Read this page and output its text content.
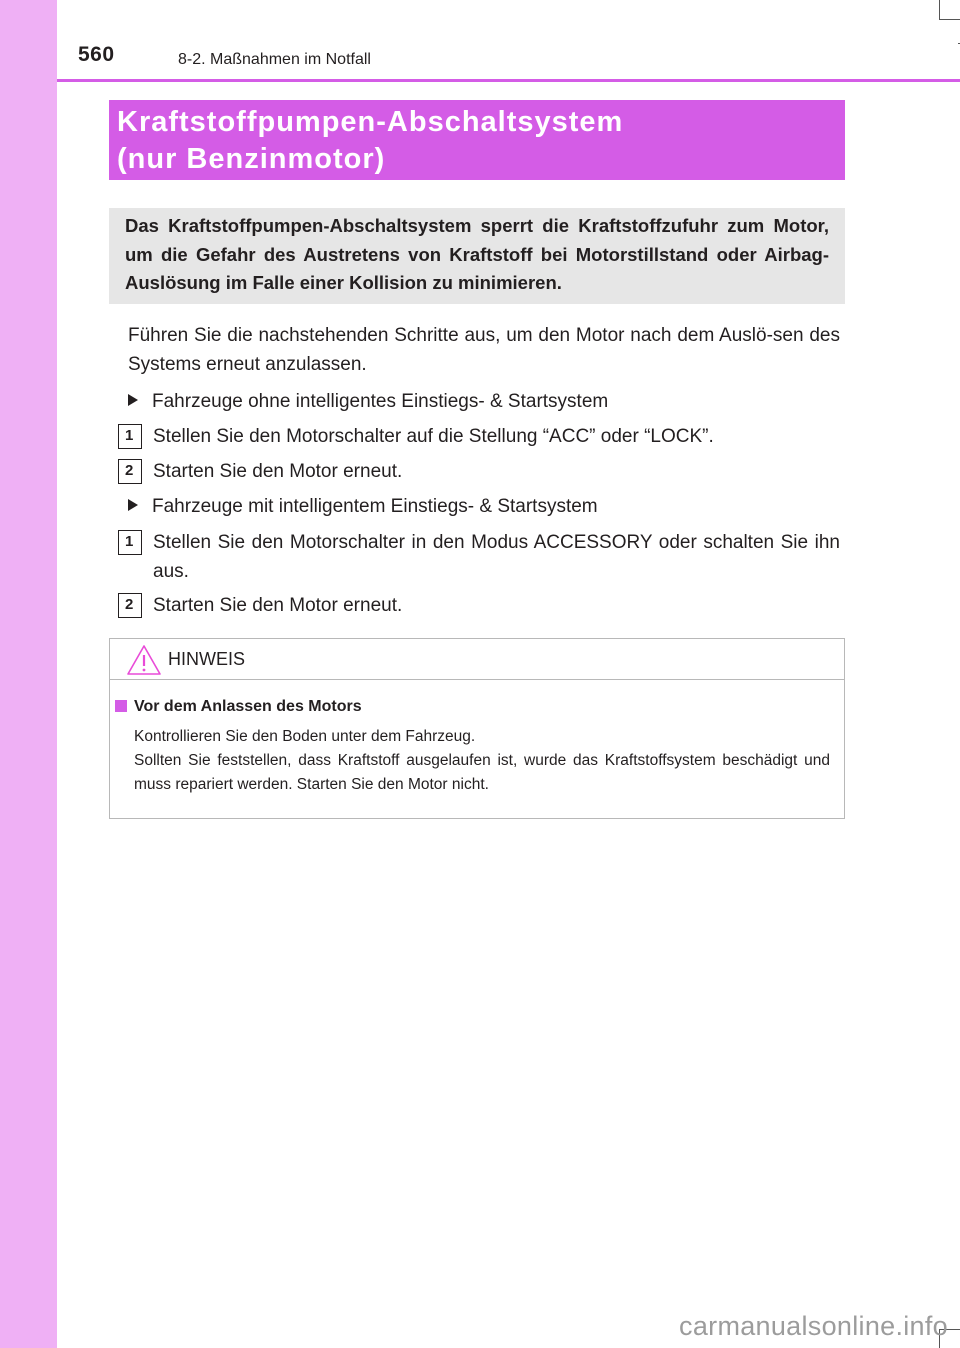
560	8-2. Maßnahmen im Notfall
Kraftstoffpumpen-Abschaltsystem
(nur Benzinmotor)
Das Kraftstoffpumpen-Abschaltsystem sperrt die Kraftstoffzufuhr zum Motor, um die Gefahr des Austretens von Kraftstoff bei Motorstillstand oder Airbag-Auslösung im Falle einer Kollision zu minimieren.
Führen Sie die nachstehenden Schritte aus, um den Motor nach dem Auslö-sen des Systems erneut anzulassen.
Fahrzeuge ohne intelligentes Einstiegs- & Startsystem
1	Stellen Sie den Motorschalter auf die Stellung “ACC” oder “LOCK”.
2	Starten Sie den Motor erneut.
Fahrzeuge mit intelligentem Einstiegs- & Startsystem
1	Stellen Sie den Motorschalter in den Modus ACCESSORY oder schalten Sie ihn aus.
2	Starten Sie den Motor erneut.
HINWEIS
Vor dem Anlassen des Motors

Kontrollieren Sie den Boden unter dem Fahrzeug.

Sollten Sie feststellen, dass Kraftstoff ausgelaufen ist, wurde das Kraftstoffsystem beschädigt und muss repariert werden. Starten Sie den Motor nicht.

carmanualsonline.info
